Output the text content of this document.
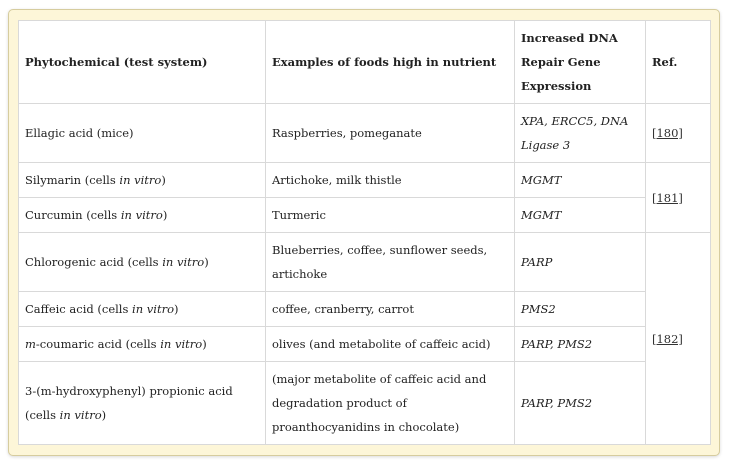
Phytochemical (test system)	Examples of foods high in nutrient	Increased DNA Repair Gene Expression	Ref.
Ellagic acid (mice)	Raspberries, pomeganate	XPA, ERCC5, DNA Ligase 3	[180]
Silymarin (cells in vitro)	Artichoke, milk thistle	MGMT	[181]
Curcumin (cells in vitro)	Turmeric	MGMT	
Chlorogenic acid (cells in vitro)	Blueberries, coffee, sunflower seeds, artichoke	PARP	[182]
Caffeic acid (cells in vitro)	coffee, cranberry, carrot	PMS2	
m-coumaric acid (cells in vitro)	olives (and metabolite of caffeic acid)	PARP, PMS2	
3-(m-hydroxyphenyl) propionic acid (cells in vitro)	(major metabolite of caffeic acid and degradation product of proanthocyanidins in chocolate)	PARP, PMS2	
